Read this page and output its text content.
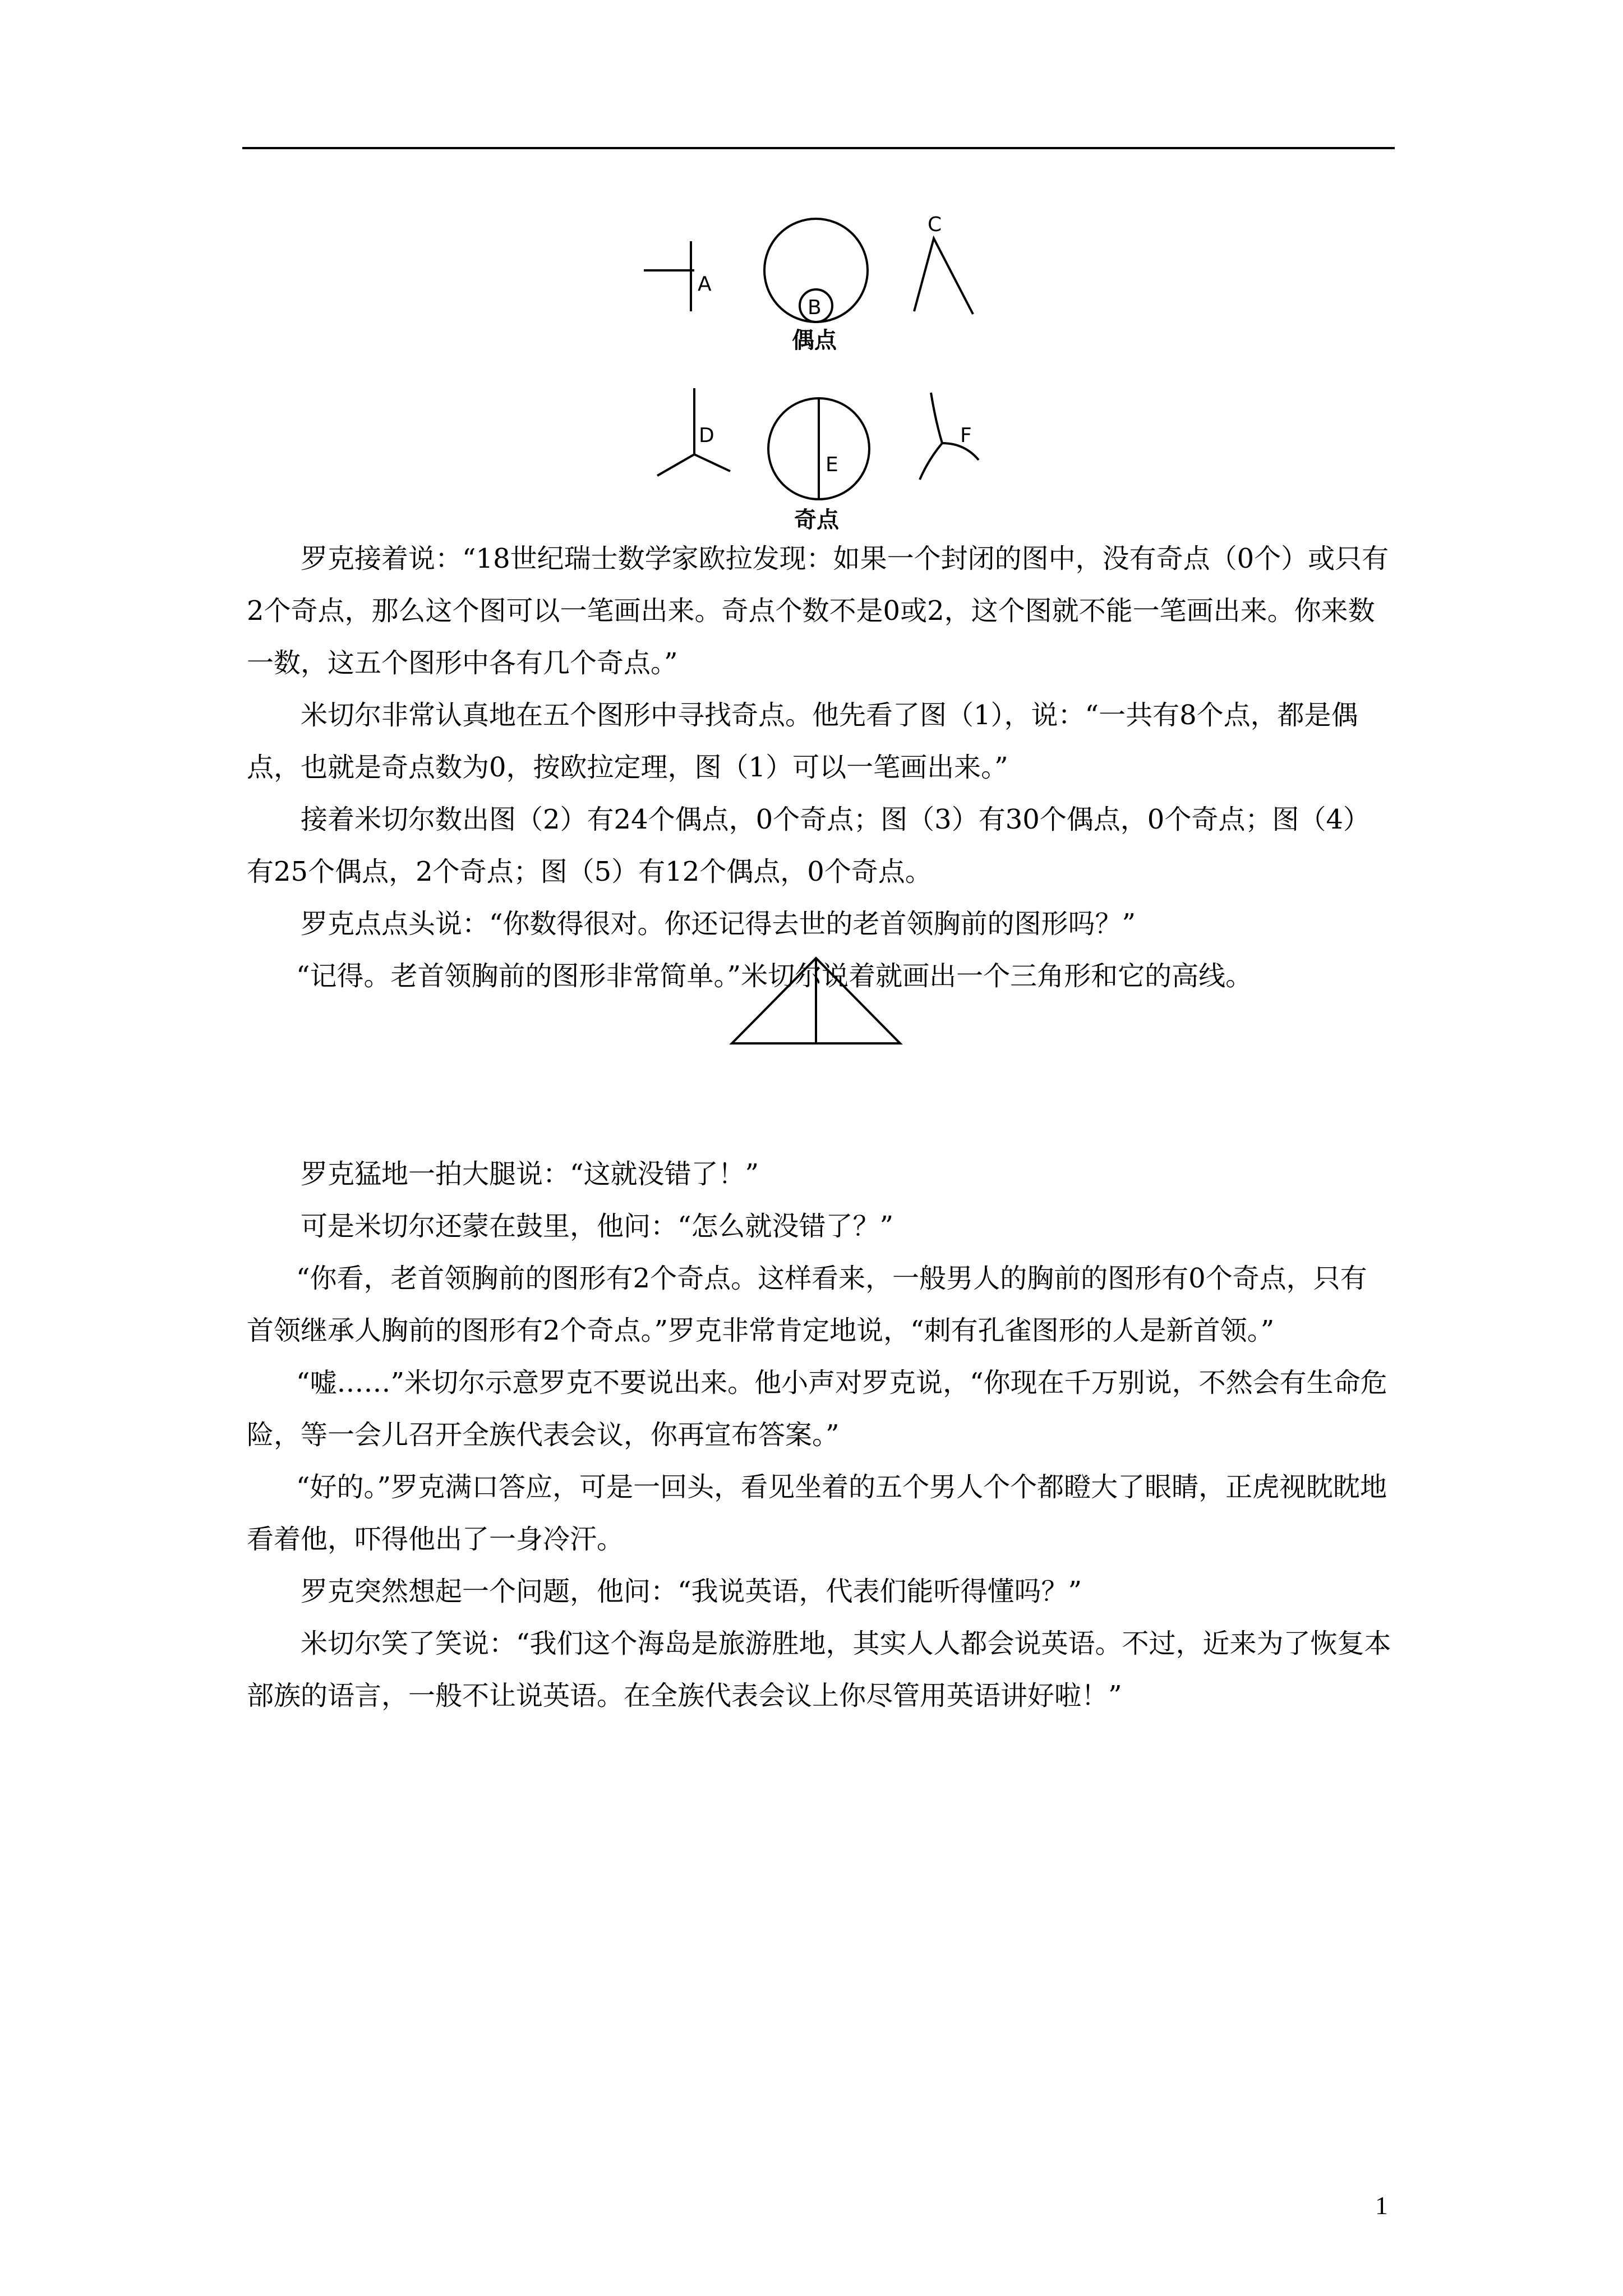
A
B
偶点
C
D
E
奇点
F

罗克接着说：“18世纪瑞士数学家欧拉发现：如果一个封闭的图中，没有奇点（0个）或只有2个奇点，那么这个图可以一笔画出来。奇点个数不是0或2，这个图就不能一笔画出来。你来数一数，这五个图形中各有几个奇点。”

米切尔非常认真地在五个图形中寻找奇点。他先看了图（1），说：“一共有8个点，都是偶点，也就是奇点数为0，按欧拉定理，图（1）可以一笔画出来。”

接着米切尔数出图（2）有24个偶点，0个奇点；图（3）有30个偶点，0个奇点；图（4）有25个偶点，2个奇点；图（5）有12个偶点，0个奇点。

罗克点点头说：“你数得很对。你还记得去世的老首领胸前的图形吗？”

“记得。老首领胸前的图形非常简单。”米切尔说着就画出一个三角形和它的高线。

罗克猛地一拍大腿说：“这就没错了！”

可是米切尔还蒙在鼓里，他问：“怎么就没错了？”

“你看，老首领胸前的图形有2个奇点。这样看来，一般男人的胸前的图形有0个奇点，只有首领继承人胸前的图形有2个奇点。”罗克非常肯定地说，“刺有孔雀图形的人是新首领。”

“嘘……”米切尔示意罗克不要说出来。他小声对罗克说，“你现在千万别说，不然会有生命危险，等一会儿召开全族代表会议，你再宣布答案。”

“好的。”罗克满口答应，可是一回头，看见坐着的五个男人个个都瞪大了眼睛，正虎视眈眈地看着他，吓得他出了一身冷汗。

罗克突然想起一个问题，他问：“我说英语，代表们能听得懂吗？”

米切尔笑了笑说：“我们这个海岛是旅游胜地，其实人人都会说英语。不过，近来为了恢复本部族的语言，一般不让说英语。在全族代表会议上你尽管用英语讲好啦！”

1
